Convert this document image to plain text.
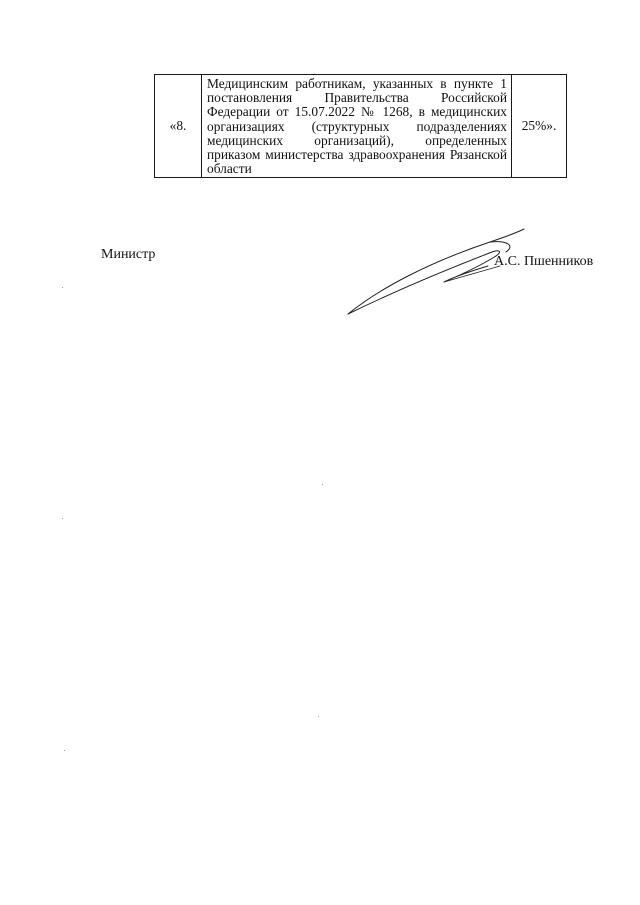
«8.	Медицинским работникам, указанных в пункте 1 постановления Правительства Российской Федерации от 15.07.2022 № 1268, в медицинских организациях (структурных подразделениях медицинских организаций), определенных приказом министерства здравоохранения Рязанской области	25%».
Министр	А.С. Пшенников
